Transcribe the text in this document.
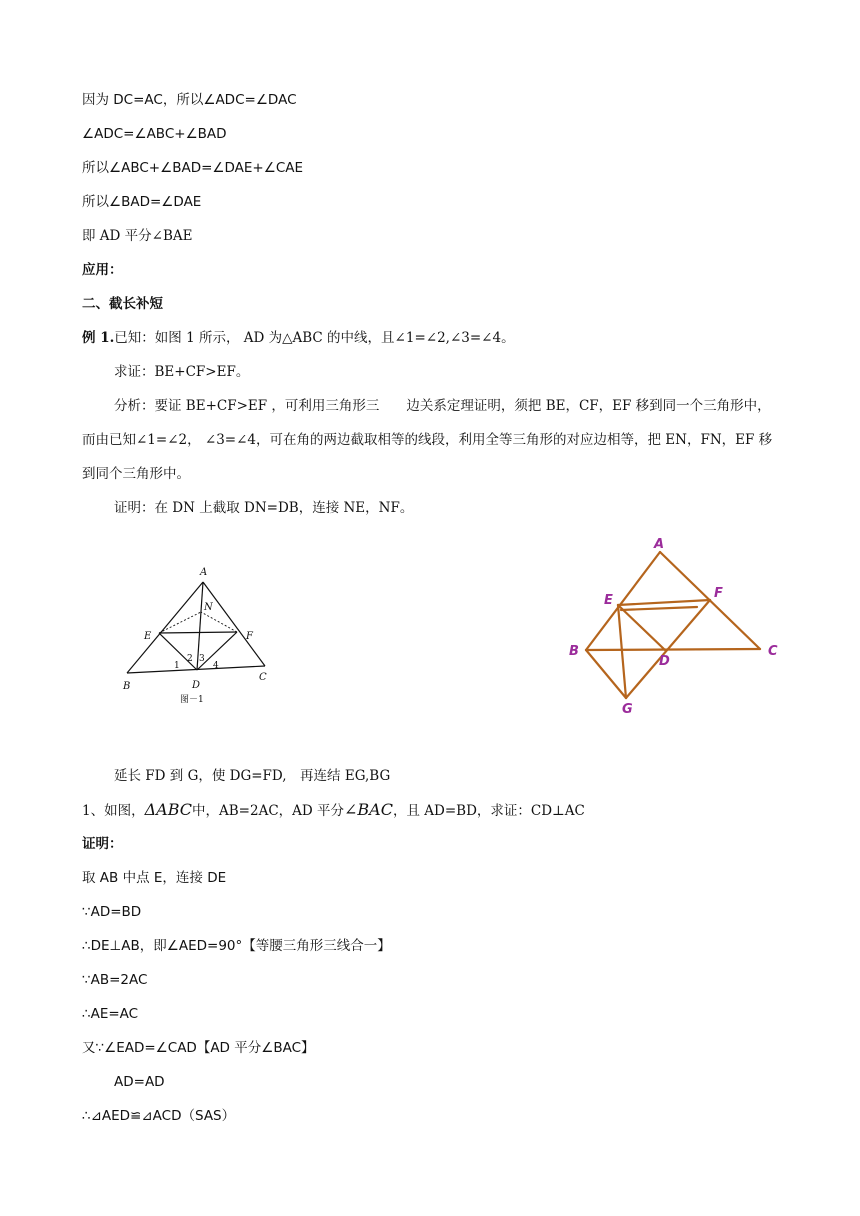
因为 DC=AC，所以∠ADC=∠DAC
∠ADC=∠ABC+∠BAD
所以∠ABC+∠BAD=∠DAE+∠CAE
所以∠BAD=∠DAE
即 AD 平分∠BAE
应用：
二、截长补短
例 1.已知：如图 1 所示， AD 为△ABC 的中线，且∠1=∠2,∠3=∠4。
求证：BE+CF>EF。
分析：要证 BE+CF>EF ，可利用三角形三　　边关系定理证明，须把 BE，CF，EF 移到同一个三角形中，而由已知∠1=∠2， ∠3=∠4，可在角的两边截取相等的线段，利用全等三角形的对应边相等，把 EN，FN，EF 移到同个三角形中。
证明：在 DN 上截取 DN=DB，连接 NE，NF。
A
N
E	F
B
C
D
1
2 3
4
图－1
A
E	F
B	C
D
G
延长 FD 到 G，使 DG=FD,　再连结 EG,BG
1、如图，ΔABC中，AB=2AC，AD 平分∠BAC，且 AD=BD，求证：CD⊥AC
证明：
取 AB 中点 E，连接 DE
∵AD=BD
∴DE⊥AB，即∠AED=90°【等腰三角形三线合一】
∵AB=2AC
∴AE=AC
又∵∠EAD=∠CAD【AD 平分∠BAC】
AD=AD
∴⊿AED≌⊿ACD（SAS）
